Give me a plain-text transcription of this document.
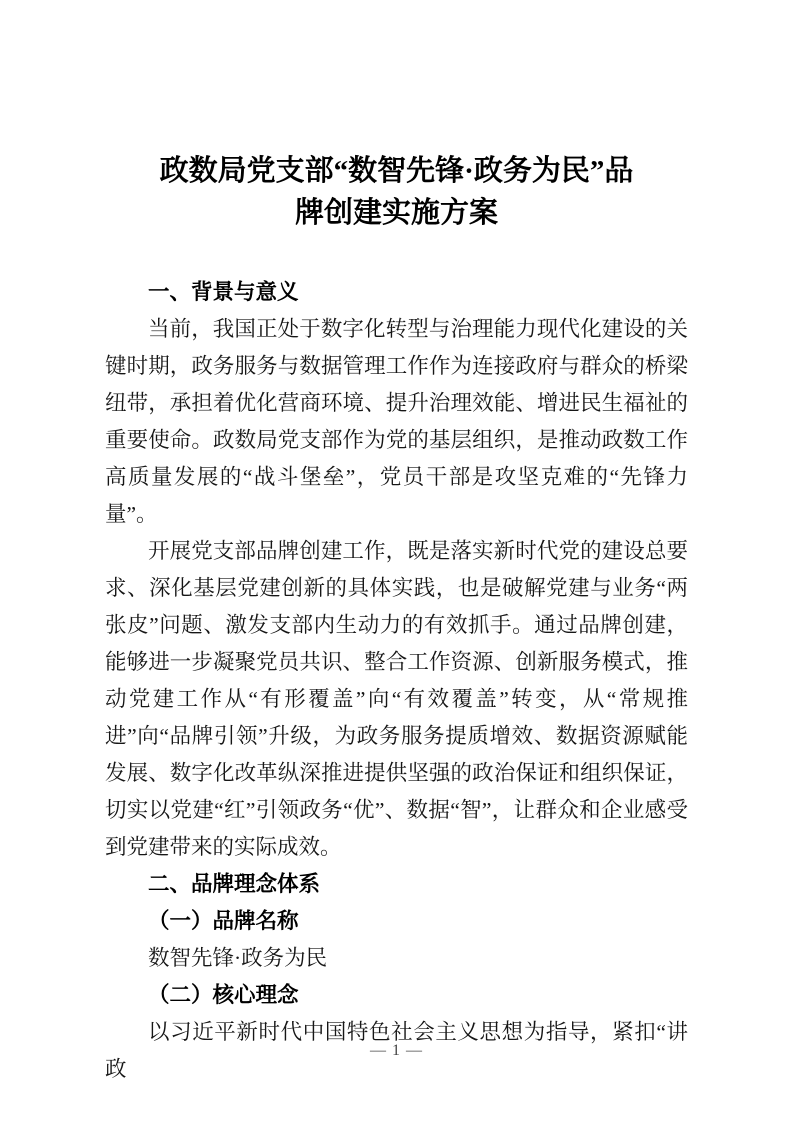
政数局党支部“数智先锋·政务为民”品
牌创建实施方案
一、背景与意义

当前，我国正处于数字化转型与治理能力现代化建设的关键时期，政务服务与数据管理工作作为连接政府与群众的桥梁纽带，承担着优化营商环境、提升治理效能、增进民生福祉的重要使命。政数局党支部作为党的基层组织，是推动政数工作高质量发展的“战斗堡垒”，党员干部是攻坚克难的“先锋力量”。

开展党支部品牌创建工作，既是落实新时代党的建设总要求、深化基层党建创新的具体实践，也是破解党建与业务“两张皮”问题、激发支部内生动力的有效抓手。通过品牌创建，能够进一步凝聚党员共识、整合工作资源、创新服务模式，推动党建工作从“有形覆盖”向“有效覆盖”转变，从“常规推进”向“品牌引领”升级，为政务服务提质增效、数据资源赋能发展、数字化改革纵深推进提供坚强的政治保证和组织保证，切实以党建“红”引领政务“优”、数据“智”，让群众和企业感受到党建带来的实际成效。

二、品牌理念体系
（一）品牌名称

数智先锋·政务为民

（二）核心理念

以习近平新时代中国特色社会主义思想为指导，紧扣“讲政

— 1 —
